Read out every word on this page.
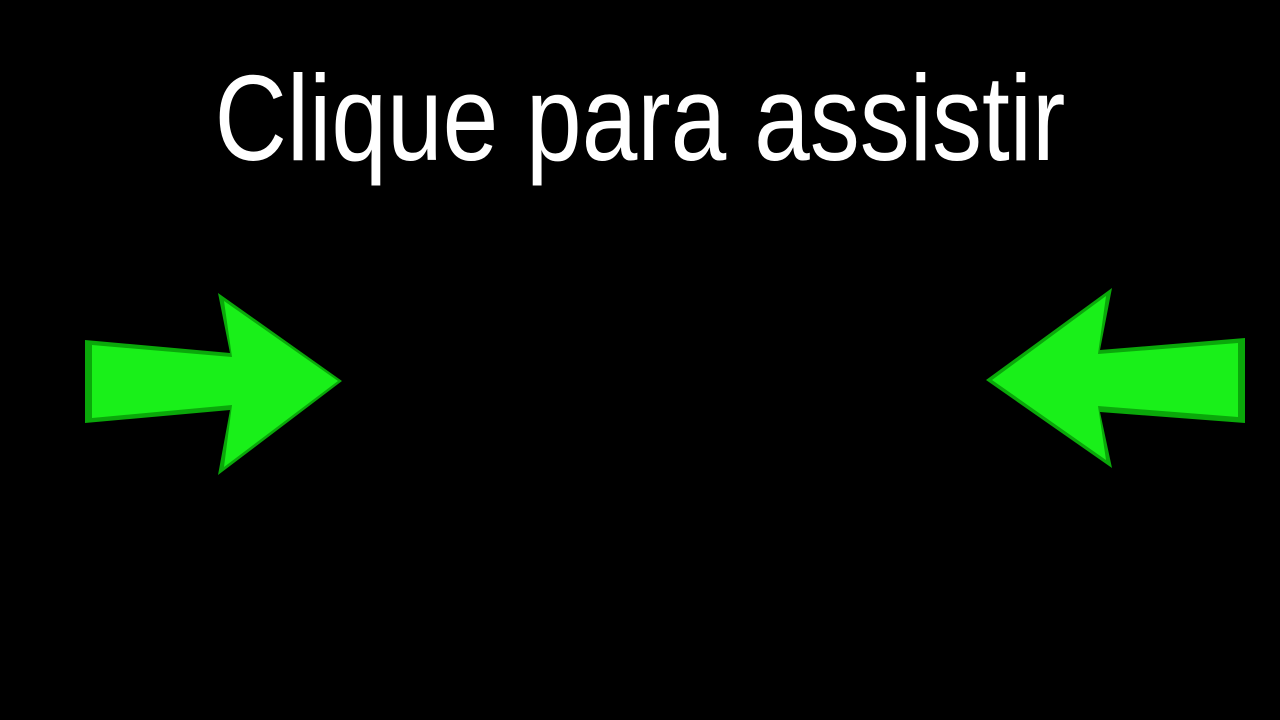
Clique para assistir
